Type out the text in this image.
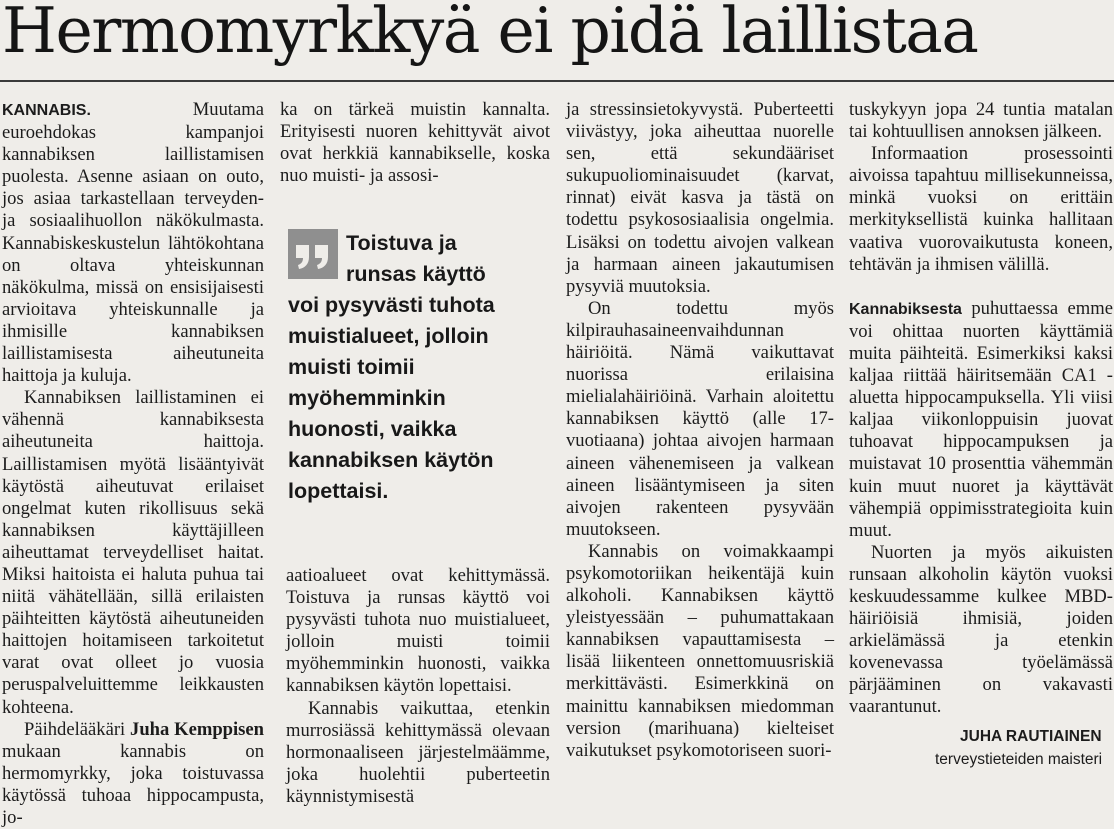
Hermomyrkkyä ei pidä laillistaa

KANNABIS.	Muutama euroehdokas kampanjoi kannabiksen laillistamisen puolesta. Asenne asiaan on outo, jos asiaa tarkastellaan terveyden- ja sosiaalihuollon näkökulmasta. Kannabiskeskustelun lähtökohtana on oltava yhteiskunnan näkökulma, missä on ensisijaisesti arvioitava yhteiskunnalle ja ihmisille kannabiksen laillistamisesta aiheutuneita haittoja ja kuluja.

Kannabiksen laillistaminen ei vähennä kannabiksesta aiheutuneita haittoja. Laillistamisen myötä lisääntyivät käytöstä aiheutuvat erilaiset ongelmat kuten rikollisuus sekä kannabiksen käyttäjilleen aiheuttamat terveydelliset haitat. Miksi haitoista ei haluta puhua tai niitä vähätellään, sillä erilaisten päihteitten käytöstä aiheutuneiden haittojen hoitamiseen tarkoitetut varat ovat olleet jo vuosia peruspalveluittemme leikkausten kohteena.

Päihdelääkäri Juha Kemppisen mukaan kannabis on hermomyrkky, joka toistuvassa käytössä tuhoaa hippocampusta, jo-

ka on tärkeä muistin kannalta. Erityisesti nuoren kehittyvät aivot ovat herkkiä kannabikselle, koska nuo muisti- ja assosi-

Toistuva ja
runsas käyttö
voi pysyvästi tuhota
muistialueet, jolloin
muisti toimii
myöhemminkin
huonosti, vaikka
kannabiksen käytön
lopettaisi.

aatioalueet ovat kehittymässä. Toistuva ja runsas käyttö voi pysyvästi tuhota nuo muistialueet, jolloin muisti toimii myöhemminkin huonosti, vaikka kannabiksen käytön lopettaisi.

Kannabis vaikuttaa, etenkin murrosiässä kehittymässä olevaan hormonaaliseen järjestelmäämme, joka huolehtii puberteetin käynnistymisestä

ja stressinsietokyvystä. Puberteetti viivästyy, joka aiheuttaa nuorelle sen, että sekundääriset sukupuoliominaisuudet (karvat, rinnat) eivät kasva ja tästä on todettu psykososiaalisia ongelmia. Lisäksi on todettu aivojen valkean ja harmaan aineen jakautumisen pysyviä muutoksia.

On todettu myös kilpirauhasaineenvaihdunnan häiriöitä. Nämä vaikuttavat nuorissa erilaisina mielialahäiriöinä. Varhain aloitettu kannabiksen käyttö (alle 17-vuotiaana) johtaa aivojen harmaan aineen vähenemiseen ja valkean aineen lisääntymiseen ja siten aivojen rakenteen pysyvään muutokseen.

Kannabis on voimakkaampi psykomotoriikan heikentäjä kuin alkoholi. Kannabiksen käyttö yleistyessään – puhumattakaan kannabiksen vapauttamisesta – lisää liikenteen onnettomuusriskiä merkittävästi. Esimerkkinä on mainittu kannabiksen miedomman version (marihuana) kielteiset vaikutukset psykomotoriseen suori-

tuskykyyn jopa 24 tuntia matalan tai kohtuullisen annoksen jälkeen.

Informaation prosessointi aivoissa tapahtuu millisekunneissa, minkä vuoksi on erittäin merkityksellistä kuinka hallitaan vaativa vuorovaikutusta koneen, tehtävän ja ihmisen välillä.

Kannabiksesta puhuttaessa emme voi ohittaa nuorten käyttämiä muita päihteitä. Esimerkiksi kaksi kaljaa riittää häiritsemään CA1 -aluetta hippocampuksella. Yli viisi kaljaa viikonloppuisin juovat tuhoavat hippocampuksen ja muistavat 10 prosenttia vähemmän kuin muut nuoret ja käyttävät vähempiä oppimisstrategioita kuin muut.

Nuorten ja myös aikuisten runsaan alkoholin käytön vuoksi keskuudessamme kulkee MBD-häiriöisiä ihmisiä, joiden arkielämässä ja etenkin kovenevassa työelämässä pärjääminen on vakavasti vaarantunut.

JUHA RAUTIAINEN
terveystieteiden maisteri
